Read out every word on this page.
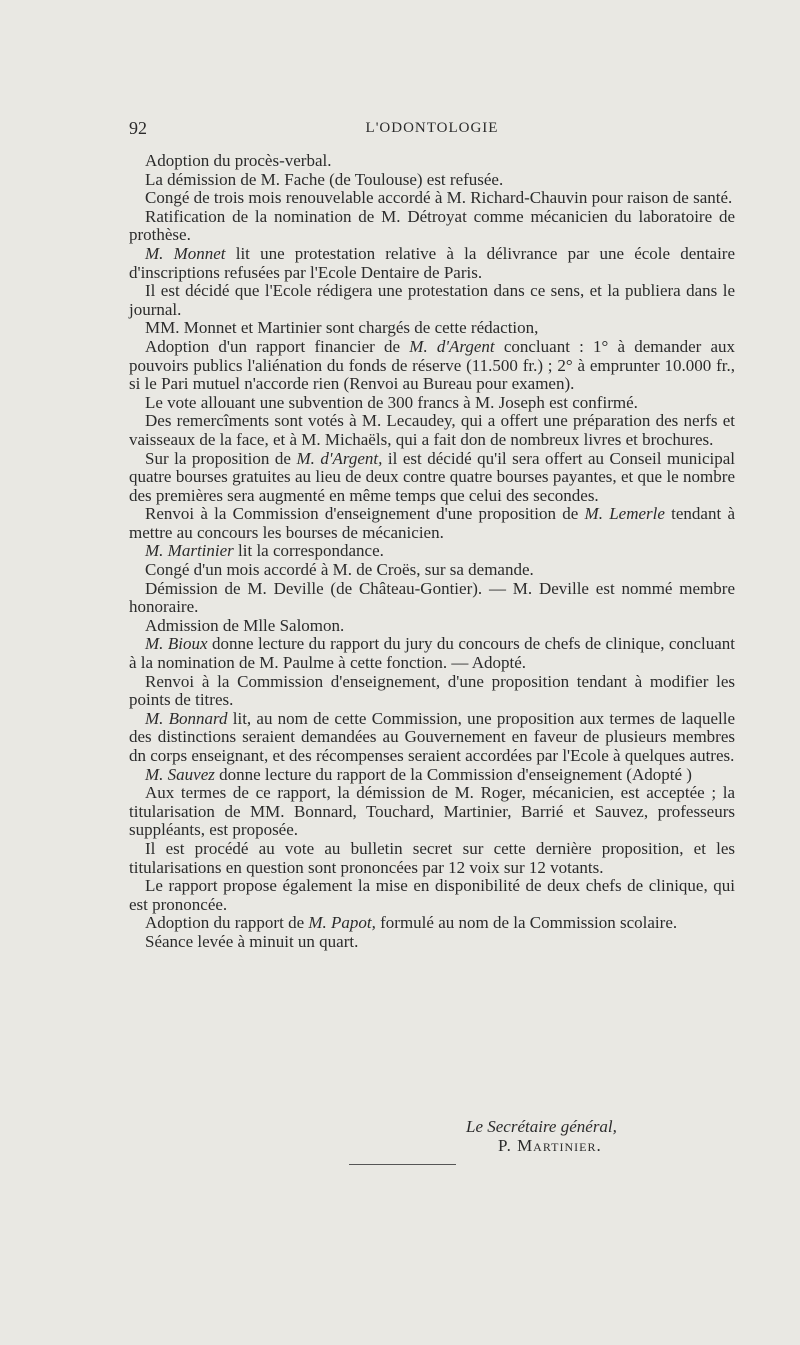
92	L'ODONTOLOGIE

Adoption du procès-verbal.

La démission de M. Fache (de Toulouse) est refusée.

Congé de trois mois renouvelable accordé à M. Richard-Chauvin pour raison de santé.

Ratification de la nomination de M. Détroyat comme mécanicien du laboratoire de prothèse.

M. Monnet lit une protestation relative à la délivrance par une école dentaire d'inscriptions refusées par l'Ecole Dentaire de Paris.

Il est décidé que l'Ecole rédigera une protestation dans ce sens, et la publiera dans le journal.

MM. Monnet et Martinier sont chargés de cette rédaction,

Adoption d'un rapport financier de M. d'Argent concluant : 1° à demander aux pouvoirs publics l'aliénation du fonds de réserve (11.500 fr.) ; 2° à emprunter 10.000 fr., si le Pari mutuel n'accorde rien (Renvoi au Bureau pour examen).

Le vote allouant une subvention de 300 francs à M. Joseph est confirmé.

Des remercîments sont votés à M. Lecaudey, qui a offert une préparation des nerfs et vaisseaux de la face, et à M. Michaëls, qui a fait don de nombreux livres et brochures.

Sur la proposition de M. d'Argent, il est décidé qu'il sera offert au Conseil municipal quatre bourses gratuites au lieu de deux contre quatre bourses payantes, et que le nombre des premières sera augmenté en même temps que celui des secondes.

Renvoi à la Commission d'enseignement d'une proposition de M. Lemerle tendant à mettre au concours les bourses de mécanicien.

M. Martinier lit la correspondance.

Congé d'un mois accordé à M. de Croës, sur sa demande.

Démission de M. Deville (de Château-Gontier). — M. Deville est nommé membre honoraire.

Admission de Mlle Salomon.

M. Bioux donne lecture du rapport du jury du concours de chefs de clinique, concluant à la nomination de M. Paulme à cette fonction. — Adopté.

Renvoi à la Commission d'enseignement, d'une proposition tendant à modifier les points de titres.

M. Bonnard lit, au nom de cette Commission, une proposition aux termes de laquelle des distinctions seraient demandées au Gouvernement en faveur de plusieurs membres dn corps enseignant, et des récompenses seraient accordées par l'Ecole à quelques autres.

M. Sauvez donne lecture du rapport de la Commission d'enseignement (Adopté )

Aux termes de ce rapport, la démission de M. Roger, mécanicien, est acceptée ; la titularisation de MM. Bonnard, Touchard, Martinier, Barrié et Sauvez, professeurs suppléants, est proposée.

Il est procédé au vote au bulletin secret sur cette dernière proposition, et les titularisations en question sont prononcées par 12 voix sur 12 votants.

Le rapport propose également la mise en disponibilité de deux chefs de clinique, qui est prononcée.

Adoption du rapport de M. Papot, formulé au nom de la Commission scolaire.

Séance levée à minuit un quart.

Le Secrétaire général,
P. Martinier.
